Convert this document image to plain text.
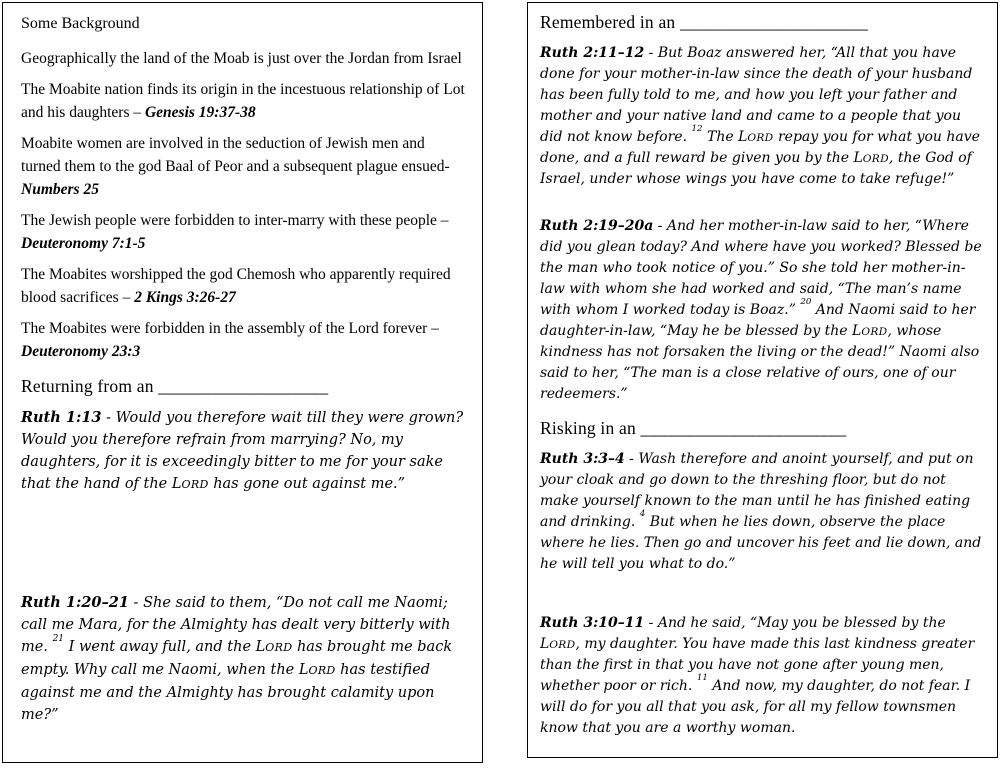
Some Background

Geographically the land of the Moab is just over the Jordan from Israel

The Moabite nation finds its origin in the incestuous relationship of Lot and his daughters – Genesis 19:37-38

Moabite women are involved in the seduction of Jewish men and turned them to the god Baal of Peor and a subsequent plague ensued- Numbers 25

The Jewish people were forbidden to inter-marry with these people – Deuteronomy 7:1-5

The Moabites worshipped the god Chemosh who apparently required blood sacrifices – 2 Kings 3:26-27

The Moabites were forbidden in the assembly of the Lord forever – Deuteronomy 23:3

Returning from an ___________________

Ruth 1:13 - Would you therefore wait till they were grown? Would you therefore refrain from marrying? No, my daughters, for it is exceedingly bitter to me for your sake that the hand of the LORD has gone out against me.”

Ruth 1:20–21 - She said to them, “Do not call me Naomi; call me Mara, for the Almighty has dealt very bitterly with me. $^{21}$ I went away full, and the LORD has brought me back empty. Why call me Naomi, when the LORD has testified against me and the Almighty has brought calamity upon me?”

Remembered in an _____________________

Ruth 2:11–12 - But Boaz answered her, “All that you have done for your mother-in-law since the death of your husband has been fully told to me, and how you left your father and mother and your native land and came to a people that you did not know before. $^{12}$ The LORD repay you for what you have done, and a full reward be given you by the LORD, the God of Israel, under whose wings you have come to take refuge!”

Ruth 2:19–20a - And her mother-in-law said to her, “Where did you glean today? And where have you worked? Blessed be the man who took notice of you.” So she told her mother-in-law with whom she had worked and said, “The man’s name with whom I worked today is Boaz.” $^{20}$ And Naomi said to her daughter-in-law, “May he be blessed by the LORD, whose kindness has not forsaken the living or the dead!” Naomi also said to her, “The man is a close relative of ours, one of our redeemers.”

Risking in an _______________________

Ruth 3:3–4 - Wash therefore and anoint yourself, and put on your cloak and go down to the threshing floor, but do not make yourself known to the man until he has finished eating and drinking. $^4$ But when he lies down, observe the place where he lies. Then go and uncover his feet and lie down, and he will tell you what to do.”

Ruth 3:10–11 - And he said, “May you be blessed by the LORD, my daughter. You have made this last kindness greater than the first in that you have not gone after young men, whether poor or rich. $^{11}$ And now, my daughter, do not fear. I will do for you all that you ask, for all my fellow townsmen know that you are a worthy woman.
